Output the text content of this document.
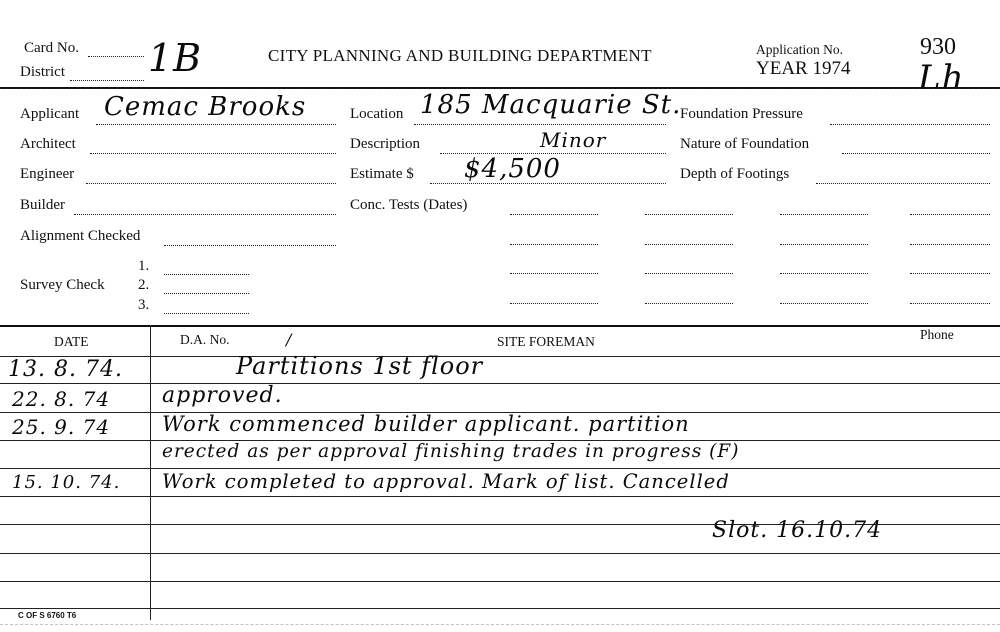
Card No.
District 1B	CITY PLANNING AND BUILDING DEPARTMENT	Application No.
YEAR 1974
930
Lh
Applicant Cemac Brooks
Architect
Engineer
Builder
Alignment Checked
Survey Check
1.
2.
3.
Location 185 Macquarie St.
Description	Minor
Estimate $ $4,500
Conc. Tests (Dates)
Foundation Pressure
Nature of Foundation
Depth of Footings
DATE	D.A. No.	/	SITE FOREMAN	Phone
13. 8. 74.	Partitions 1st floor
22. 8. 74 approved.
25. 9. 74 Work commenced builder applicant. partition
erected as per approval finishing trades in progress (F)
15. 10. 74. Work completed to approval. Mark of list. Cancelled
Slot. 16.10.74
C OF S 6760 T6
